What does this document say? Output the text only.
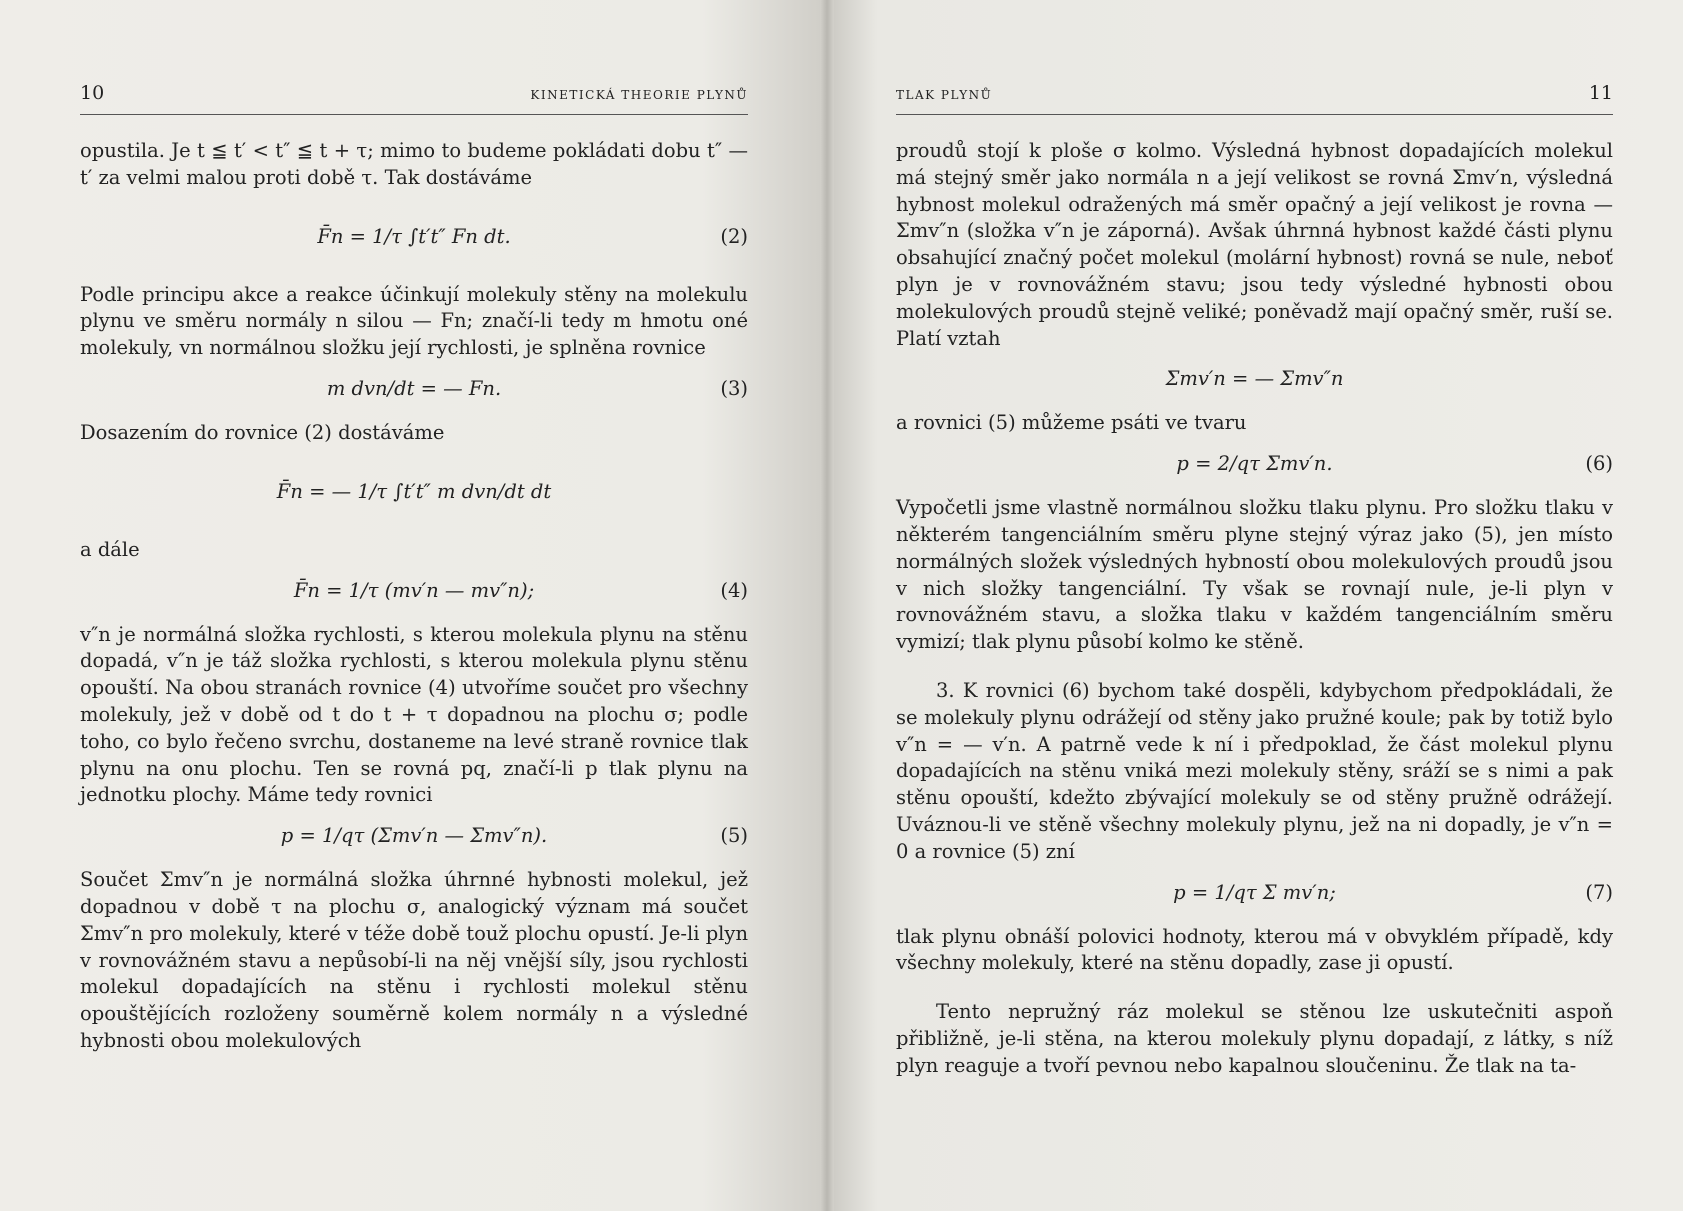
10	KINETICKÁ THEORIE PLYNŮ

opustila. Je t ≦ t′ < t″ ≦ t + τ; mimo to budeme pokládati dobu t″ — t′ za velmi malou proti době τ. Tak dostáváme

F̄n = 1/τ ∫t′t″ Fn dt.	(2)

Podle principu akce a reakce účinkují molekuly stěny na molekulu plynu ve směru normály n silou — Fn; značí-li tedy m hmotu oné molekuly, vn normálnou složku její rychlosti, je splněna rovnice

m dvn/dt = — Fn.	(3)

Dosazením do rovnice (2) dostáváme

F̄n = — 1/τ ∫t′t″ m dvn/dt dt

a dále

F̄n = 1/τ (mv′n — mv″n);	(4)

v″n je normálná složka rychlosti, s kterou molekula plynu na stěnu dopadá, v″n je táž složka rychlosti, s kterou molekula plynu stěnu opouští. Na obou stranách rovnice (4) utvoříme součet pro všechny molekuly, jež v době od t do t + τ dopadnou na plochu σ; podle toho, co bylo řečeno svrchu, dostaneme na levé straně rovnice tlak plynu na onu plochu. Ten se rovná pq, značí-li p tlak plynu na jednotku plochy. Máme tedy rovnici

p = 1/qτ (Σmv′n — Σmv″n).	(5)

Součet Σmv″n je normálná složka úhrnné hybnosti molekul, jež dopadnou v době τ na plochu σ, analogický význam má součet Σmv″n pro molekuly, které v téže době touž plochu opustí. Je-li plyn v rovnovážném stavu a nepůsobí-li na něj vnější síly, jsou rychlosti molekul dopadajících na stěnu i rychlosti molekul stěnu opouštějících rozloženy souměrně kolem normály n a výsledné hybnosti obou molekulových

TLAK PLYNŮ	11

proudů stojí k ploše σ kolmo. Výsledná hybnost dopadajících molekul má stejný směr jako normála n a její velikost se rovná Σmv′n, výsledná hybnost molekul odražených má směr opačný a její velikost je rovna — Σmv″n (složka v″n je záporná). Avšak úhrnná hybnost každé části plynu obsahující značný počet molekul (molární hybnost) rovná se nule, neboť plyn je v rovnovážném stavu; jsou tedy výsledné hybnosti obou molekulových proudů stejně veliké; poněvadž mají opačný směr, ruší se. Platí vztah

Σmv′n = — Σmv″n

a rovnici (5) můžeme psáti ve tvaru

p = 2/qτ Σmv′n.	(6)

Vypočetli jsme vlastně normálnou složku tlaku plynu. Pro složku tlaku v některém tangenciálním směru plyne stejný výraz jako (5), jen místo normálných složek výsledných hybností obou molekulových proudů jsou v nich složky tangenciální. Ty však se rovnají nule, je-li plyn v rovnovážném stavu, a složka tlaku v každém tangenciálním směru vymizí; tlak plynu působí kolmo ke stěně.

3. K rovnici (6) bychom také dospěli, kdybychom předpokládali, že se molekuly plynu odrážejí od stěny jako pružné koule; pak by totiž bylo v″n = — v′n. A patrně vede k ní i předpoklad, že část molekul plynu dopadajících na stěnu vniká mezi molekuly stěny, sráží se s nimi a pak stěnu opouští, kdežto zbývající molekuly se od stěny pružně odrážejí. Uváznou-li ve stěně všechny molekuly plynu, jež na ni dopadly, je v″n = 0 a rovnice (5) zní

p = 1/qτ Σ mv′n;	(7)

tlak plynu obnáší polovici hodnoty, kterou má v obvyklém případě, kdy všechny molekuly, které na stěnu dopadly, zase ji opustí.

Tento nepružný ráz molekul se stěnou lze uskutečniti aspoň přibližně, je-li stěna, na kterou molekuly plynu dopadají, z látky, s níž plyn reaguje a tvoří pevnou nebo kapalnou sloučeninu. Že tlak na ta-
